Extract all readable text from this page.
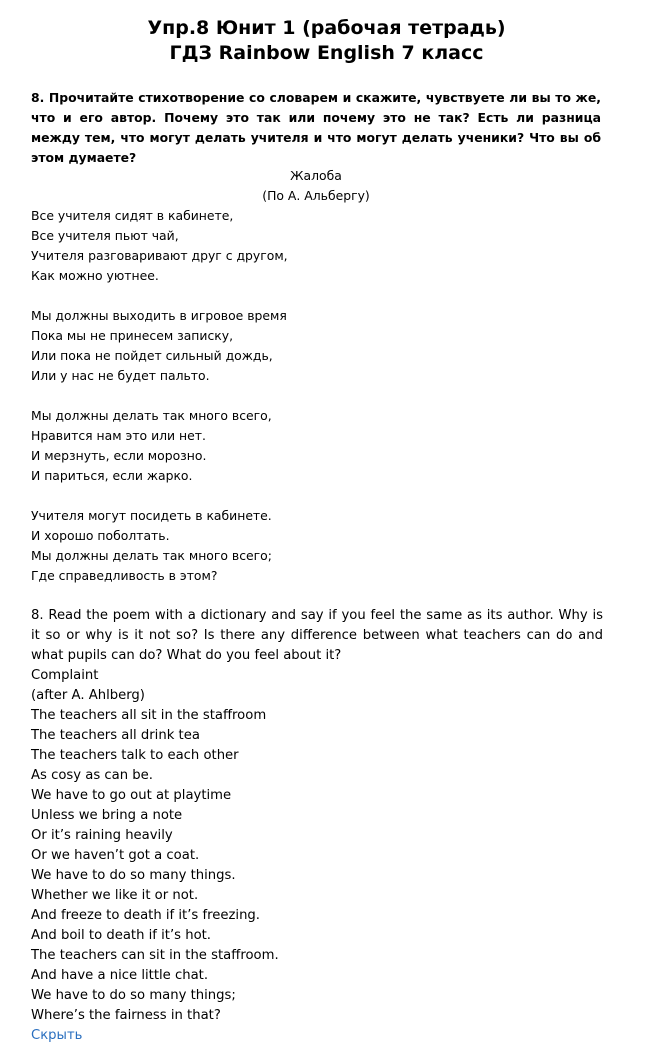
Упр.8 Юнит 1 (рабочая тетрадь)
ГДЗ Rainbow English 7 класс

8. Прочитайте стихотворение со словарем и скажите, чувствуете ли вы то же, что и его автор. Почему это так или почему это не так? Есть ли разница между тем, что могут делать учителя и что могут делать ученики? Что вы об этом думаете?

Жалоба

(По А. Альбергу)

Все учителя сидят в кабинете,
Все учителя пьют чай,
Учителя разговаривают друг с другом,
Как можно уютнее.
Мы должны выходить в игровое время
Пока мы не принесем записку,
Или пока не пойдет сильный дождь,
Или у нас не будет пальто.
Мы должны делать так много всего,
Нравится нам это или нет.
И мерзнуть, если морозно.
И париться, если жарко.
Учителя могут посидеть в кабинете.
И хорошо поболтать.
Мы должны делать так много всего;
Где справедливость в этом?

8. Read the poem with a dictionary and say if you feel the same as its author. Why is it so or why is it not so? Is there any difference between what teachers can do and what pupils can do? What do you feel about it?

Complaint
(after A. Ahlberg)
The teachers all sit in the staffroom
The teachers all drink tea
The teachers talk to each other
As cosy as can be.
We have to go out at playtime
Unless we bring a note
Or it’s raining heavily
Or we haven’t got a coat.
We have to do so many things.
Whether we like it or not.
And freeze to death if it’s freezing.
And boil to death if it’s hot.
The teachers can sit in the staffroom.
And have a nice little chat.
We have to do so many things;
Where’s the fairness in that?
Скрыть
